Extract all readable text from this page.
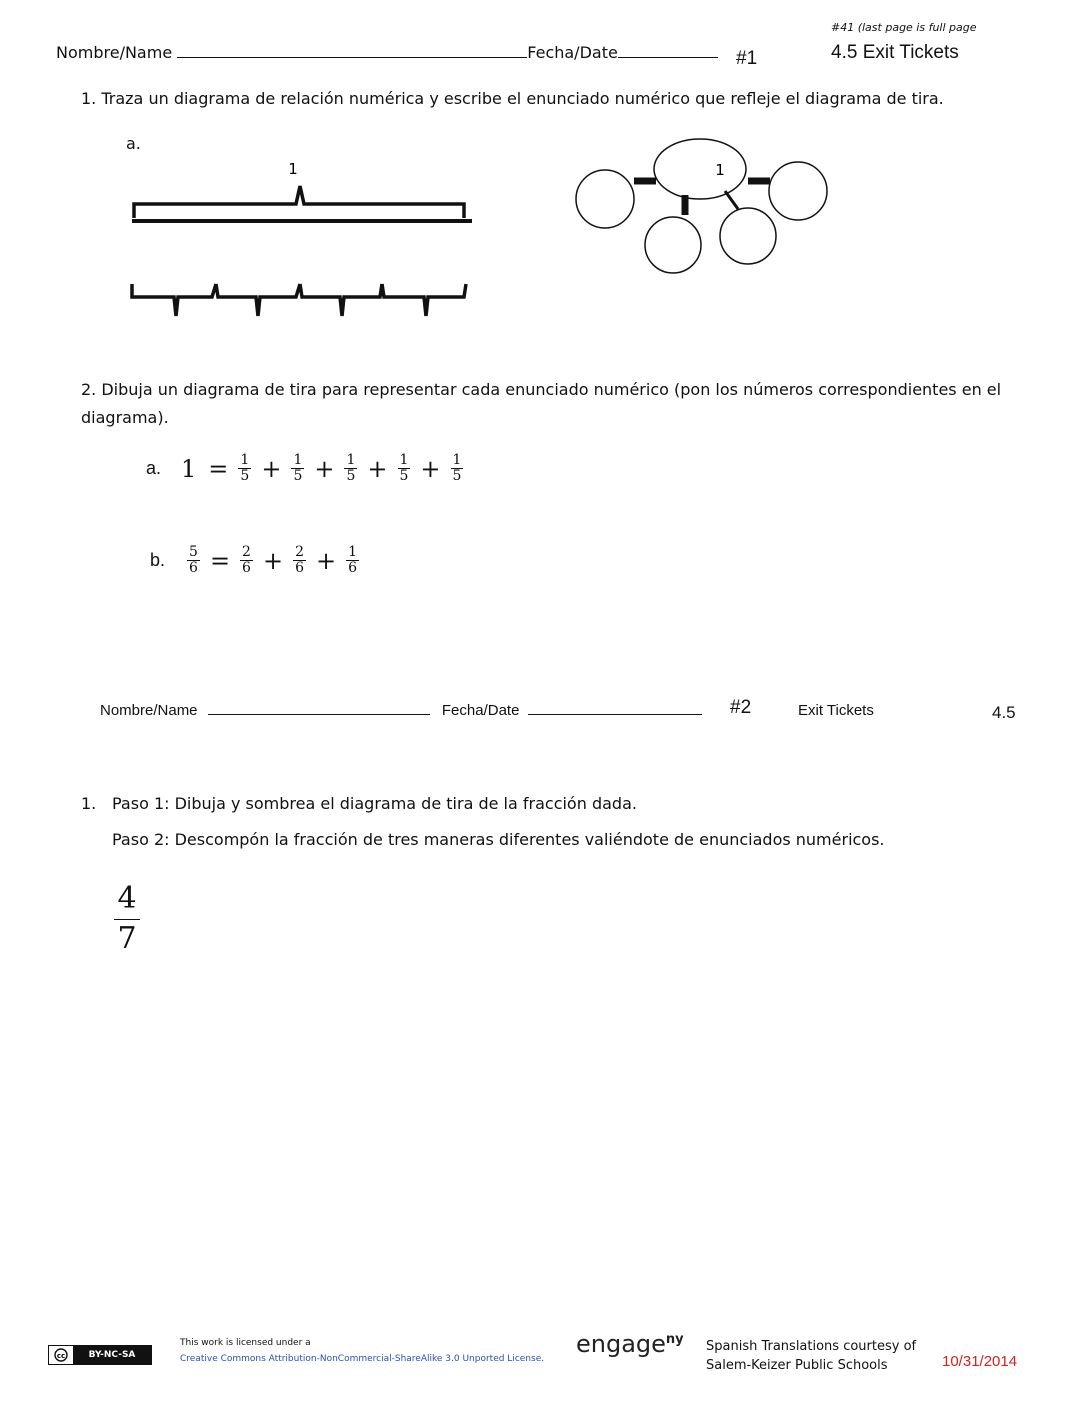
#41 (last page is full page
Nombre/Name	Fecha/Date	#1	4.5 Exit Tickets
1. Traza un diagrama de relación numérica y escribe el enunciado numérico que refleje el diagrama de tira.
a.
1	1
2. Dibuja un diagrama de tira para representar cada enunciado numérico (pon los números correspondientes en el
diagrama).
a. $1 = \frac{1}{5} + \frac{1}{5} + \frac{1}{5} + \frac{1}{5} + \frac{1}{5}$
b. $\frac{5}{6} = \frac{2}{6} + \frac{2}{6} + \frac{1}{6}$
Nombre/Name	Fecha/Date	#2	Exit Tickets	4.5
1. Paso 1: Dibuja y sombrea el diagrama de tira de la fracción dada.
Paso 2: Descompón la fracción de tres maneras diferentes valiéndote de enunciados numéricos.
4
7
cc	BY-NC-SA
This work is licensed under a
Creative Commons Attribution-NonCommercial-ShareAlike 3.0 Unported License.
engage$^{ny}$ Spanish Translations courtesy of
Salem-Keizer Public Schools	10/31/2014
